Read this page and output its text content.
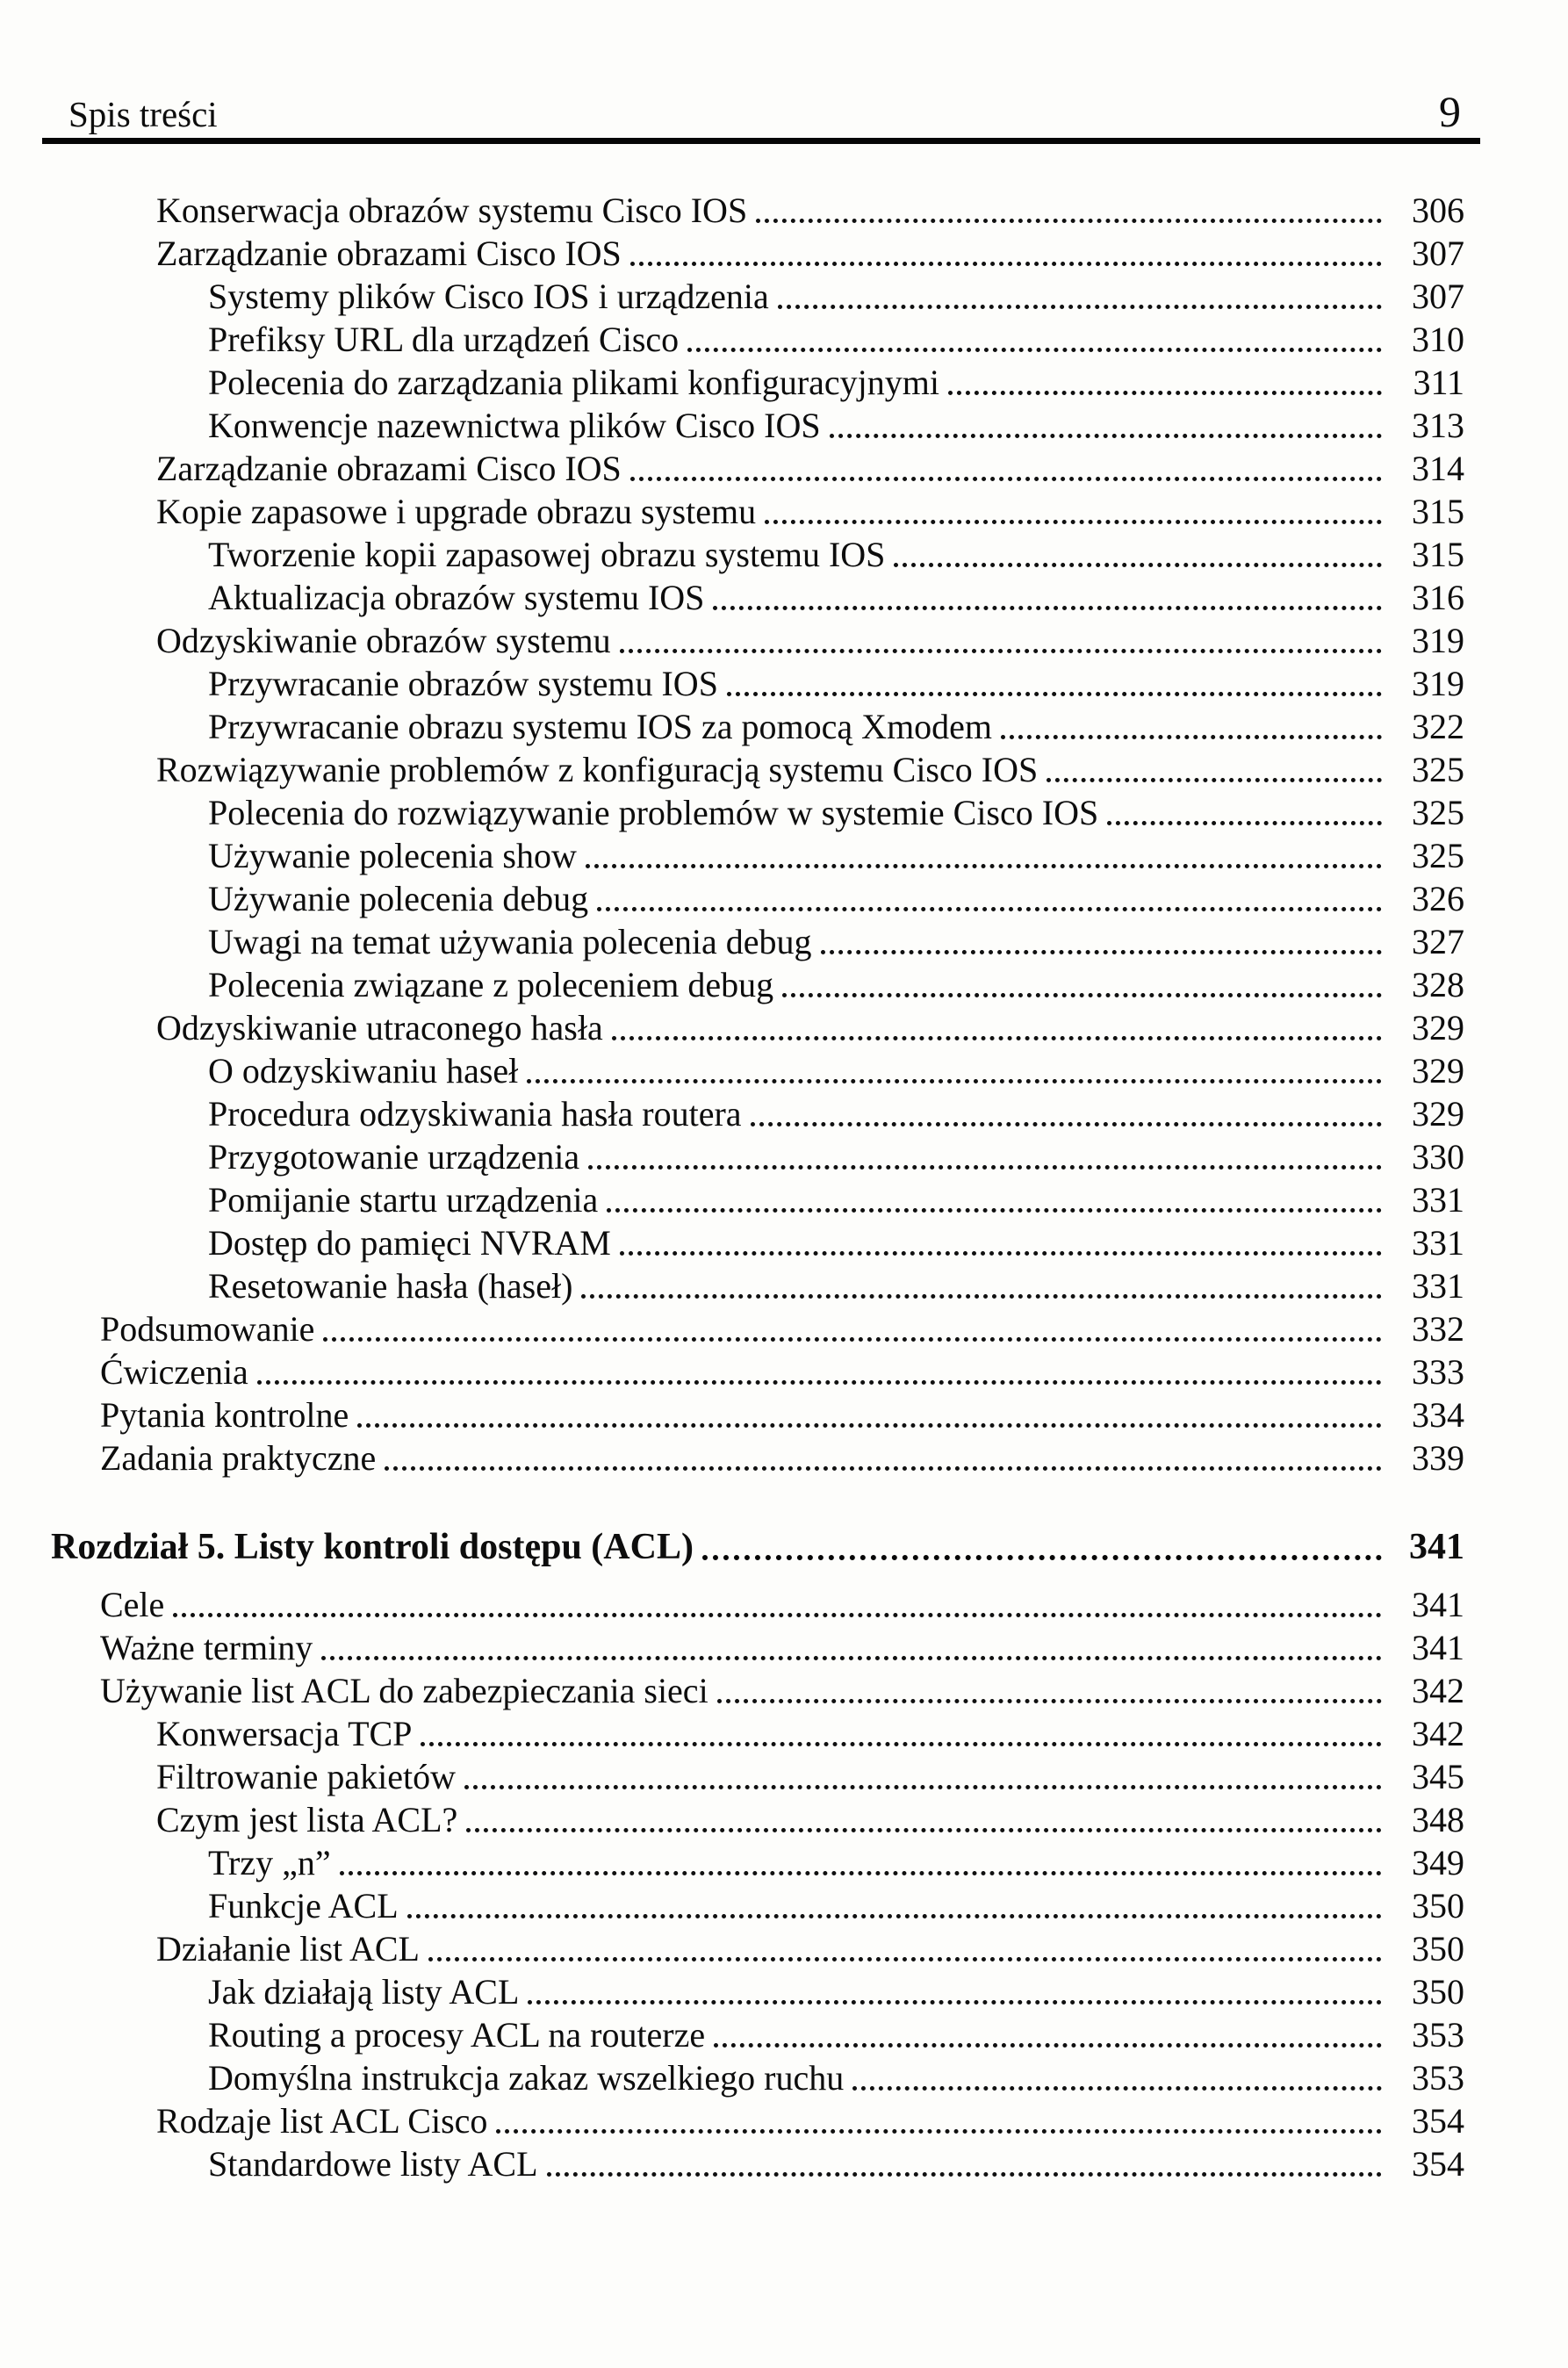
Spis treści	9
Konserwacja obrazów systemu Cisco IOS	306
Zarządzanie obrazami Cisco IOS	307
Systemy plików Cisco IOS i urządzenia	307
Prefiksy URL dla urządzeń Cisco	310
Polecenia do zarządzania plikami konfiguracyjnymi	311
Konwencje nazewnictwa plików Cisco IOS	313
Zarządzanie obrazami Cisco IOS	314
Kopie zapasowe i upgrade obrazu systemu	315
Tworzenie kopii zapasowej obrazu systemu IOS	315
Aktualizacja obrazów systemu IOS	316
Odzyskiwanie obrazów systemu	319
Przywracanie obrazów systemu IOS	319
Przywracanie obrazu systemu IOS za pomocą Xmodem	322
Rozwiązywanie problemów z konfiguracją systemu Cisco IOS	325
Polecenia do rozwiązywanie problemów w systemie Cisco IOS	325
Używanie polecenia show	325
Używanie polecenia debug	326
Uwagi na temat używania polecenia debug	327
Polecenia związane z poleceniem debug	328
Odzyskiwanie utraconego hasła	329
O odzyskiwaniu haseł	329
Procedura odzyskiwania hasła routera	329
Przygotowanie urządzenia	330
Pomijanie startu urządzenia	331
Dostęp do pamięci NVRAM	331
Resetowanie hasła (haseł)	331
Podsumowanie	332
Ćwiczenia	333
Pytania kontrolne	334
Zadania praktyczne	339
Rozdział 5. Listy kontroli dostępu (ACL)	341
Cele	341
Ważne terminy	341
Używanie list ACL do zabezpieczania sieci	342
Konwersacja TCP	342
Filtrowanie pakietów	345
Czym jest lista ACL?	348
Trzy „n”	349
Funkcje ACL	350
Działanie list ACL	350
Jak działają listy ACL	350
Routing a procesy ACL na routerze	353
Domyślna instrukcja zakaz wszelkiego ruchu	353
Rodzaje list ACL Cisco	354
Standardowe listy ACL	354
